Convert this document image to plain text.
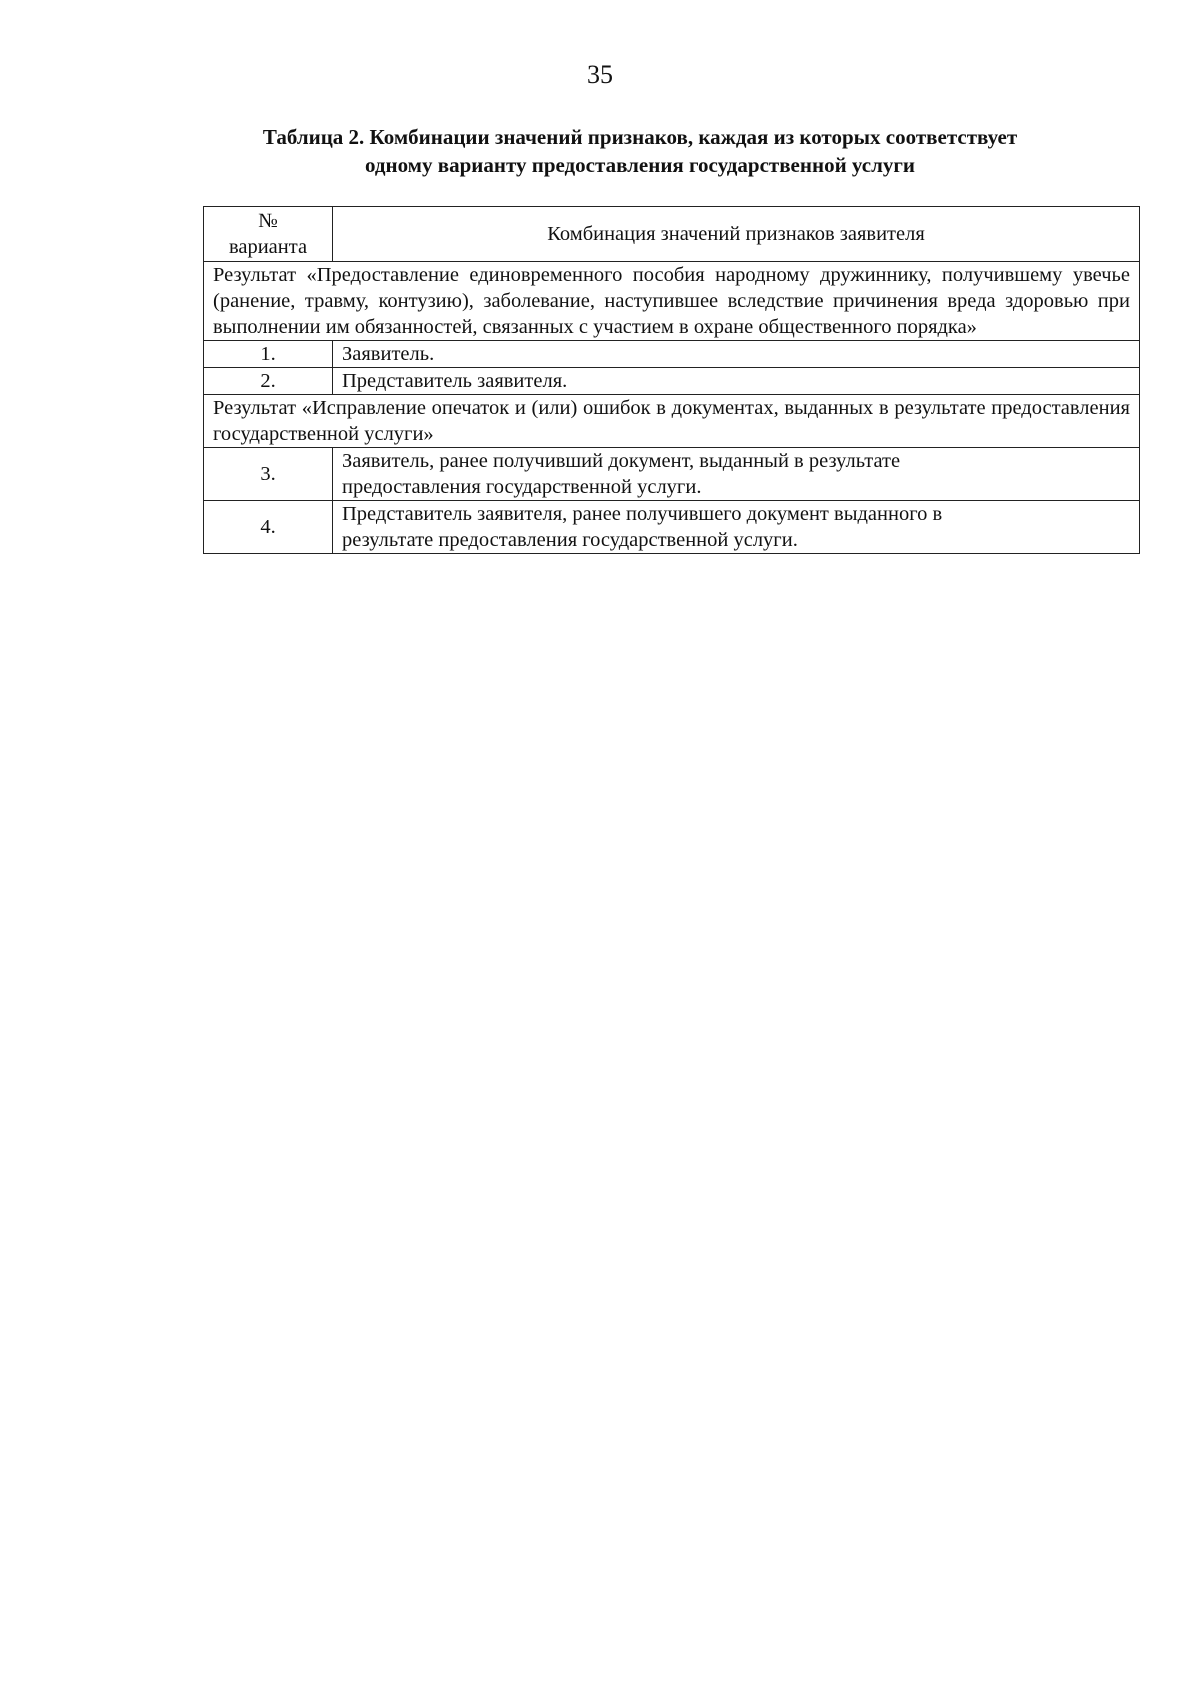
35
Таблица 2. Комбинации значений признаков, каждая из которых соответствует
одному варианту предоставления государственной услуги
№
варианта	Комбинация значений признаков заявителя
Результат «Предоставление единовременного пособия народному дружиннику, получившему увечье (ранение, травму, контузию), заболевание, наступившее вследствие причинения вреда здоровью при выполнении им обязанностей, связанных с участием в охране общественного порядка»	
1.	Заявитель.
2.	Представитель заявителя.
Результат «Исправление опечаток и (или) ошибок в документах, выданных в результате предоставления государственной услуги»	
3.	Заявитель, ранее получивший документ, выданный в результате
предоставления государственной услуги.

4.	Представитель заявителя, ранее получившего документ выданного в
результате предоставления государственной услуги.
